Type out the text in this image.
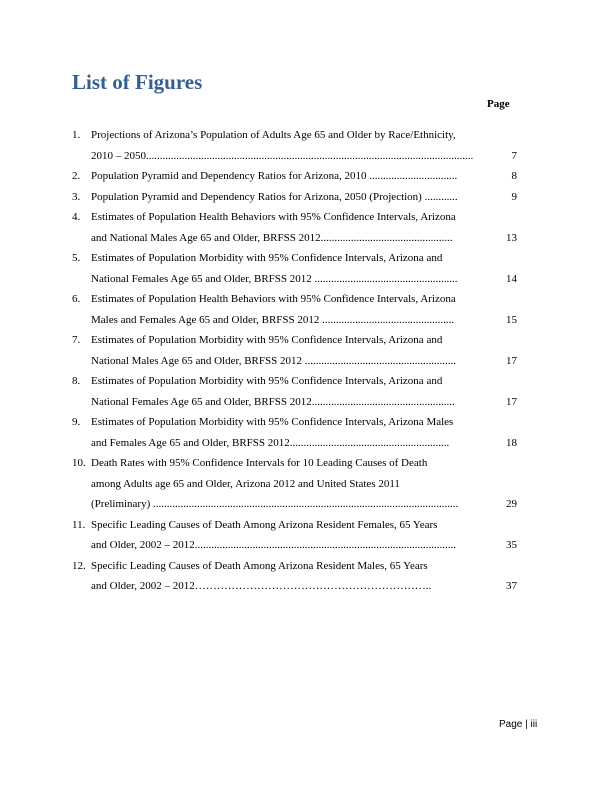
List of Figures
Page
1. Projections of Arizona’s Population of Adults Age 65 and Older by Race/Ethnicity,
2010 – 2050.......................................................................................................................	7
2. Population Pyramid and Dependency Ratios for Arizona, 2010 ................................	8
3. Population Pyramid and Dependency Ratios for Arizona, 2050 (Projection) ............	9
4. Estimates of Population Health Behaviors with 95% Confidence Intervals, Arizona
and National Males Age 65 and Older, BRFSS 2012................................................	13
5. Estimates of Population Morbidity with 95% Confidence Intervals, Arizona and
National Females Age 65 and Older, BRFSS 2012 ....................................................	14
6. Estimates of Population Health Behaviors with 95% Confidence Intervals, Arizona
Males and Females Age 65 and Older, BRFSS 2012 ................................................	15
7. Estimates of Population Morbidity with 95% Confidence Intervals, Arizona and
National Males Age 65 and Older, BRFSS 2012 .......................................................	17
8. Estimates of Population Morbidity with 95% Confidence Intervals, Arizona and
National Females Age 65 and Older, BRFSS 2012....................................................	17
9. Estimates of Population Morbidity with 95% Confidence Intervals, Arizona Males
and Females Age 65 and Older, BRFSS 2012..........................................................	18
10. Death Rates with 95% Confidence Intervals for 10 Leading Causes of Death
among Adults age 65 and Older, Arizona 2012 and United States 2011
(Preliminary) ...............................................................................................................	29
11. Specific Leading Causes of Death Among Arizona Resident Females, 65 Years
and Older, 2002 – 2012...............................................................................................	35
12. Specific Leading Causes of Death Among Arizona Resident Males, 65 Years
and Older, 2002 – 2012………………………………………………………..	37
Page | iii
